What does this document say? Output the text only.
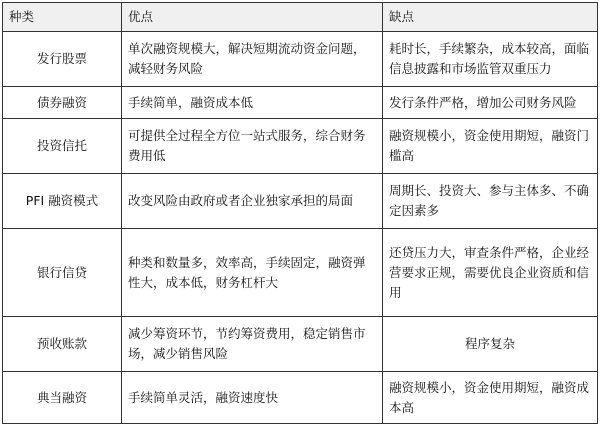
种类	优点	缺点
发行股票	单次融资规模大，解决短期流动资金问题，减轻财务风险	耗时长，手续繁杂，成本较高，面临信息披露和市场监管双重压力
债券融资	手续简单，融资成本低	发行条件严格，增加公司财务风险
投资信托	可提供全过程全方位一站式服务，综合财务费用低	融资规模小，资金使用期短，融资门槛高
PFI 融资模式	改变风险由政府或者企业独家承担的局面	周期长、投资大、参与主体多、不确定因素多
银行信贷	种类和数量多，效率高，手续固定，融资弹性大，成本低，财务杠杆大	还贷压力大，审查条件严格，企业经营要求正规，需要优良企业资质和信用
预收账款	减少筹资环节，节约筹资费用，稳定销售市场，减少销售风险	程序复杂
典当融资	手续简单灵活，融资速度快	融资规模小，资金使用期短，融资成本高
